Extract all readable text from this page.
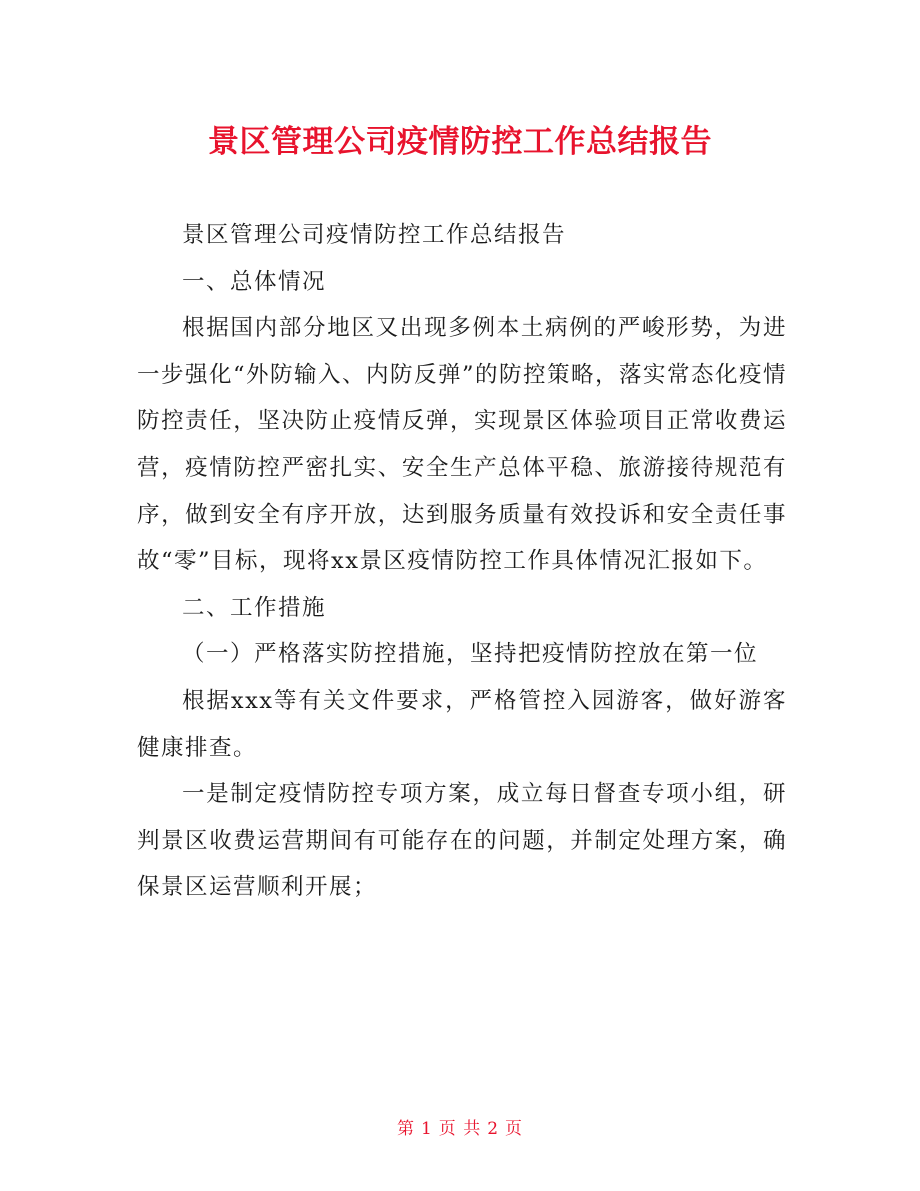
景区管理公司疫情防控工作总结报告

景区管理公司疫情防控工作总结报告

一、总体情况

根据国内部分地区又出现多例本土病例的严峻形势，为进一步强化“外防输入、内防反弹”的防控策略，落实常态化疫情防控责任，坚决防止疫情反弹，实现景区体验项目正常收费运营，疫情防控严密扎实、安全生产总体平稳、旅游接待规范有序，做到安全有序开放，达到服务质量有效投诉和安全责任事故“零”目标，现将xx景区疫情防控工作具体情况汇报如下。

二、工作措施

（一）严格落实防控措施，坚持把疫情防控放在第一位

根据xxx等有关文件要求，严格管控入园游客，做好游客健康排查。

一是制定疫情防控专项方案，成立每日督查专项小组，研判景区收费运营期间有可能存在的问题，并制定处理方案，确保景区运营顺利开展；

第 1 页 共 2 页
